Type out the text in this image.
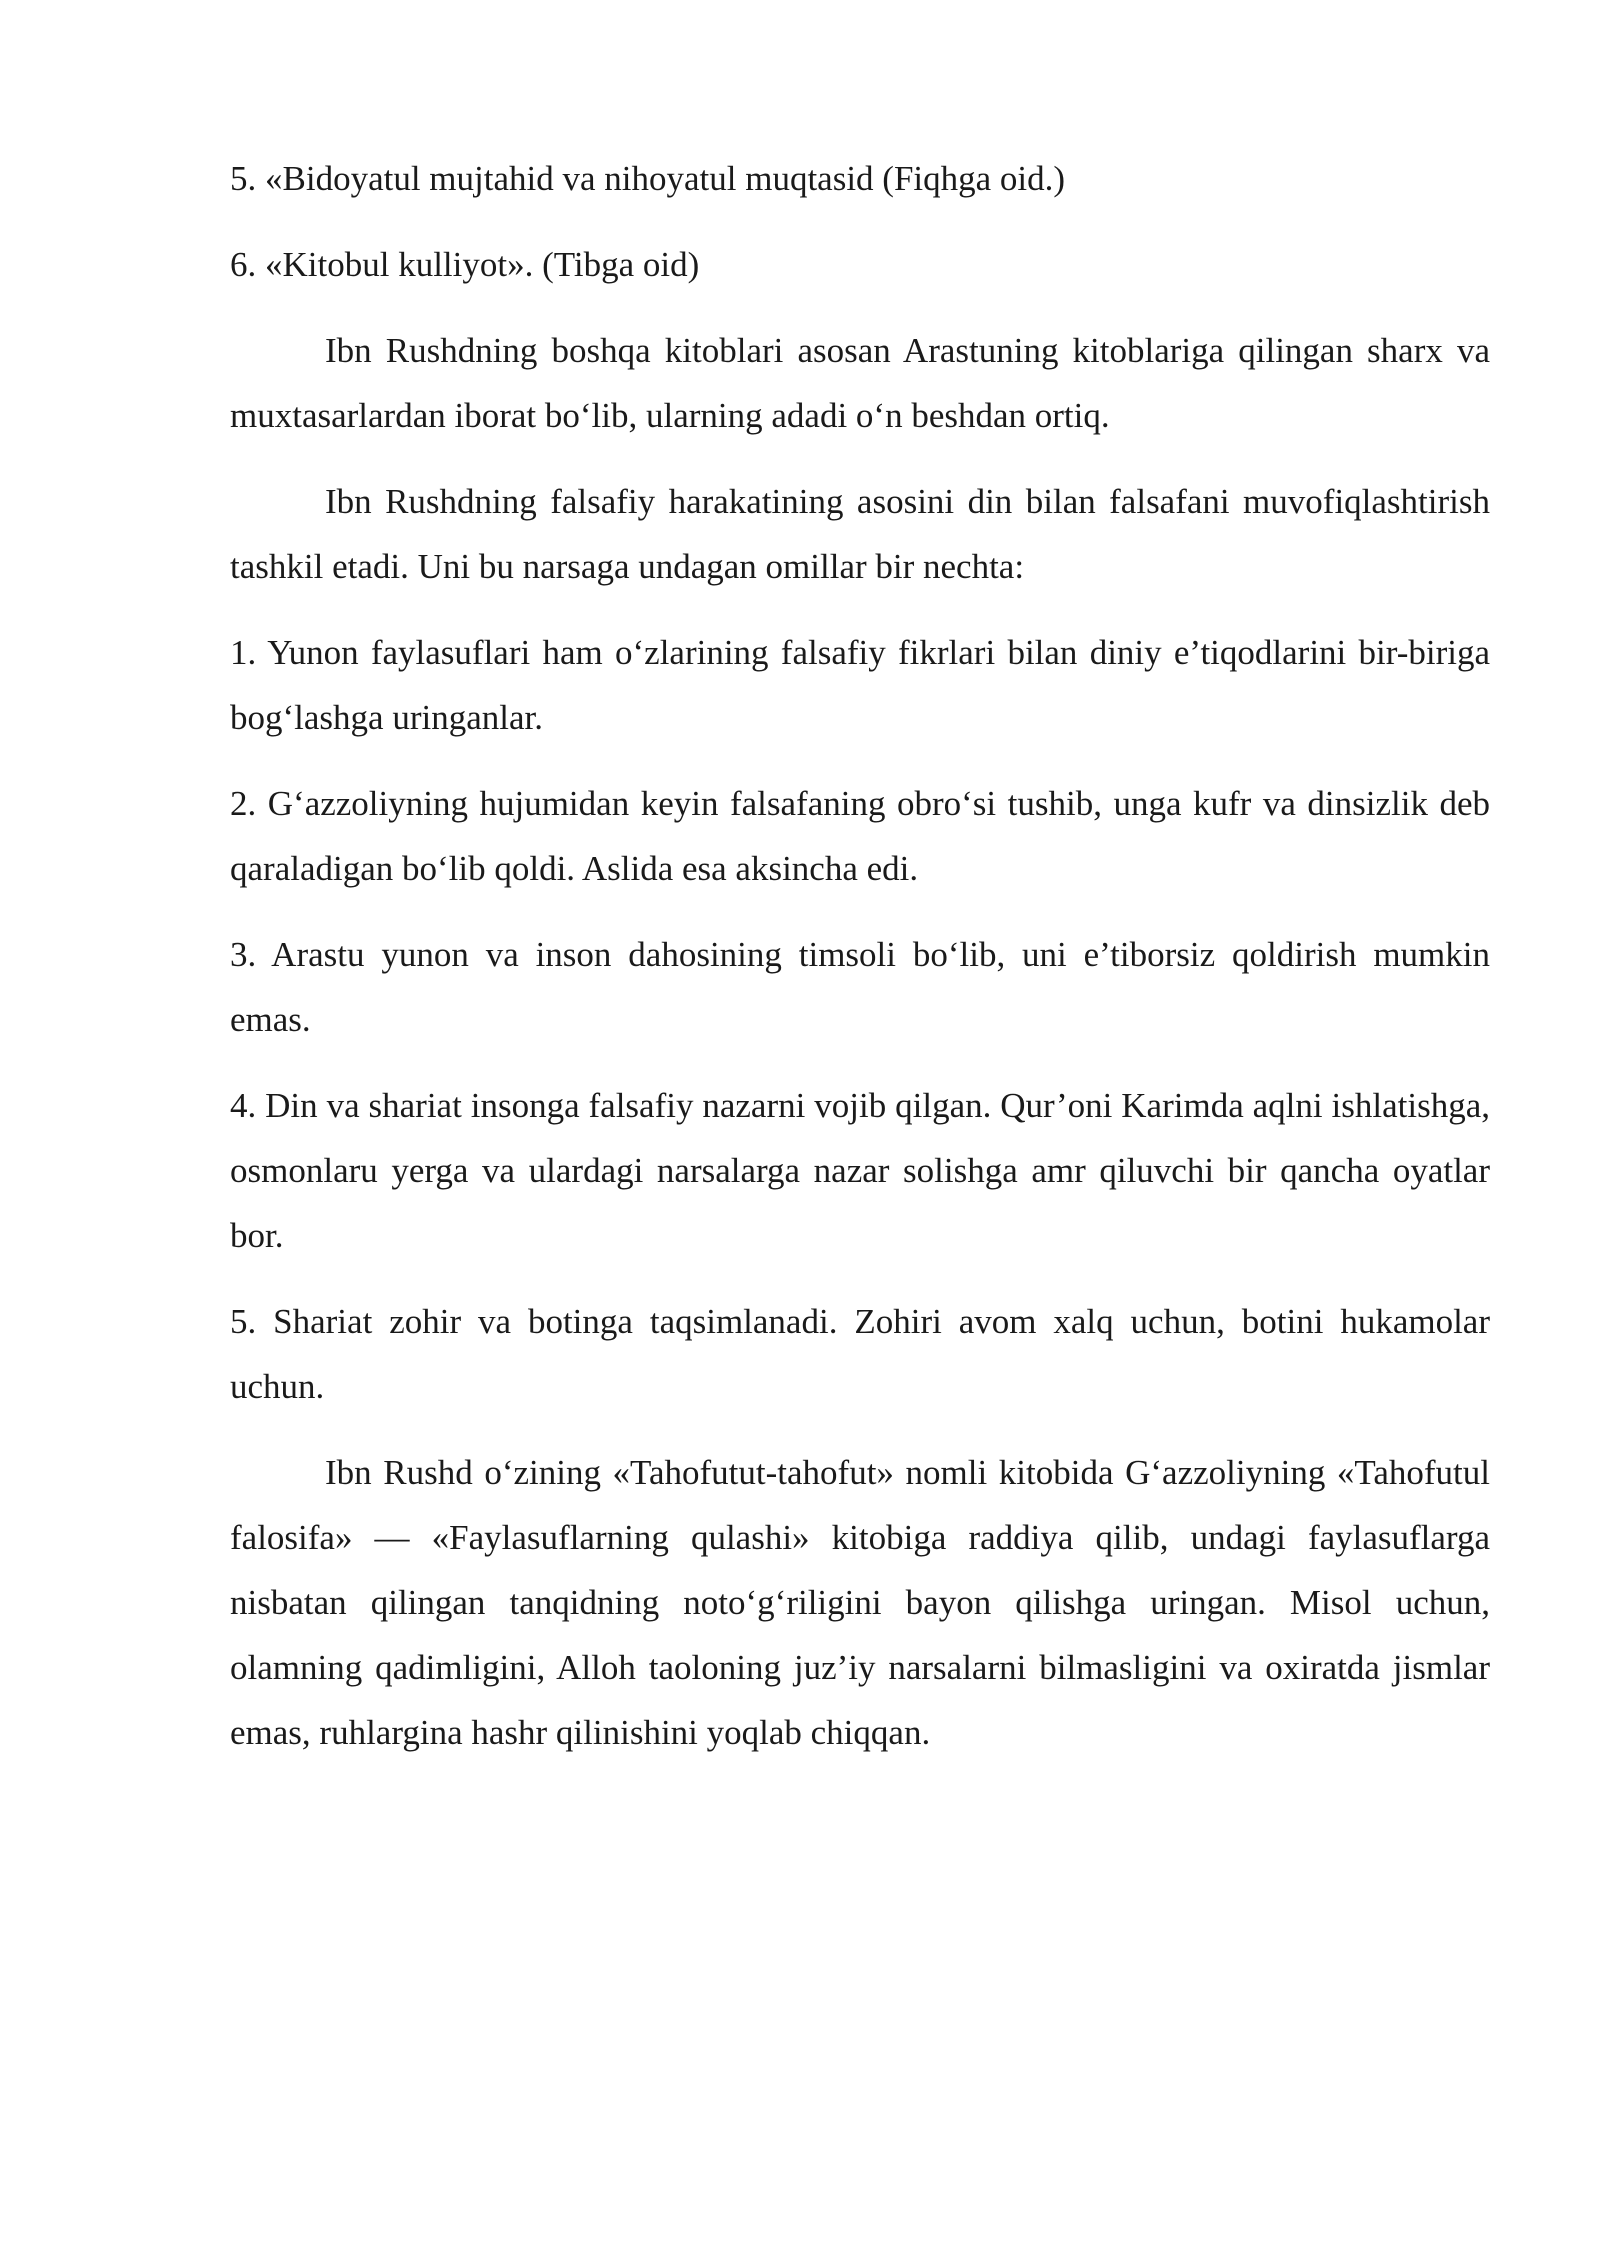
5. «Bidoyatul mujtahid va nihoyatul muqtasid (Fiqhga oid.)

6. «Kitobul kulliyot». (Tibga oid)

Ibn Rushdning boshqa kitoblari asosan Arastuning kitoblariga qilingan sharx va muxtasarlardan iborat bo‘lib, ularning adadi o‘n beshdan ortiq.

Ibn Rushdning falsafiy harakatining asosini din bilan falsafani muvofiqlashtirish tashkil etadi. Uni bu narsaga undagan omillar bir nechta:

1. Yunon faylasuflari ham o‘zlarining falsafiy fikrlari bilan diniy e’tiqodlarini bir-biriga bog‘lashga uringanlar.

2. G‘azzoliyning hujumidan keyin falsafaning obro‘si tushib, unga kufr va dinsizlik deb qaraladigan bo‘lib qoldi. Aslida esa aksincha edi.

3. Arastu yunon va inson dahosining timsoli bo‘lib, uni e’tiborsiz qoldirish mumkin emas.

4. Din va shariat insonga falsafiy nazarni vojib qilgan. Qur’oni Karimda aqlni ishlatishga, osmonlaru yerga va ulardagi narsalarga nazar solishga amr qiluvchi bir qancha oyatlar bor.

5. Shariat zohir va botinga taqsimlanadi. Zohiri avom xalq uchun, botini hukamolar uchun.

Ibn Rushd o‘zining «Tahofutut-tahofut» nomli kitobida G‘azzoliyning «Tahofutul falosifa» — «Faylasuflarning qulashi» kitobiga raddiya qilib, undagi faylasuflarga nisbatan qilingan tanqidning noto‘g‘riligini bayon qilishga uringan. Misol uchun, olamning qadimligini, Alloh taoloning juz’iy narsalarni bilmasligini va oxiratda jismlar emas, ruhlargina hashr qilinishini yoqlab chiqqan.
